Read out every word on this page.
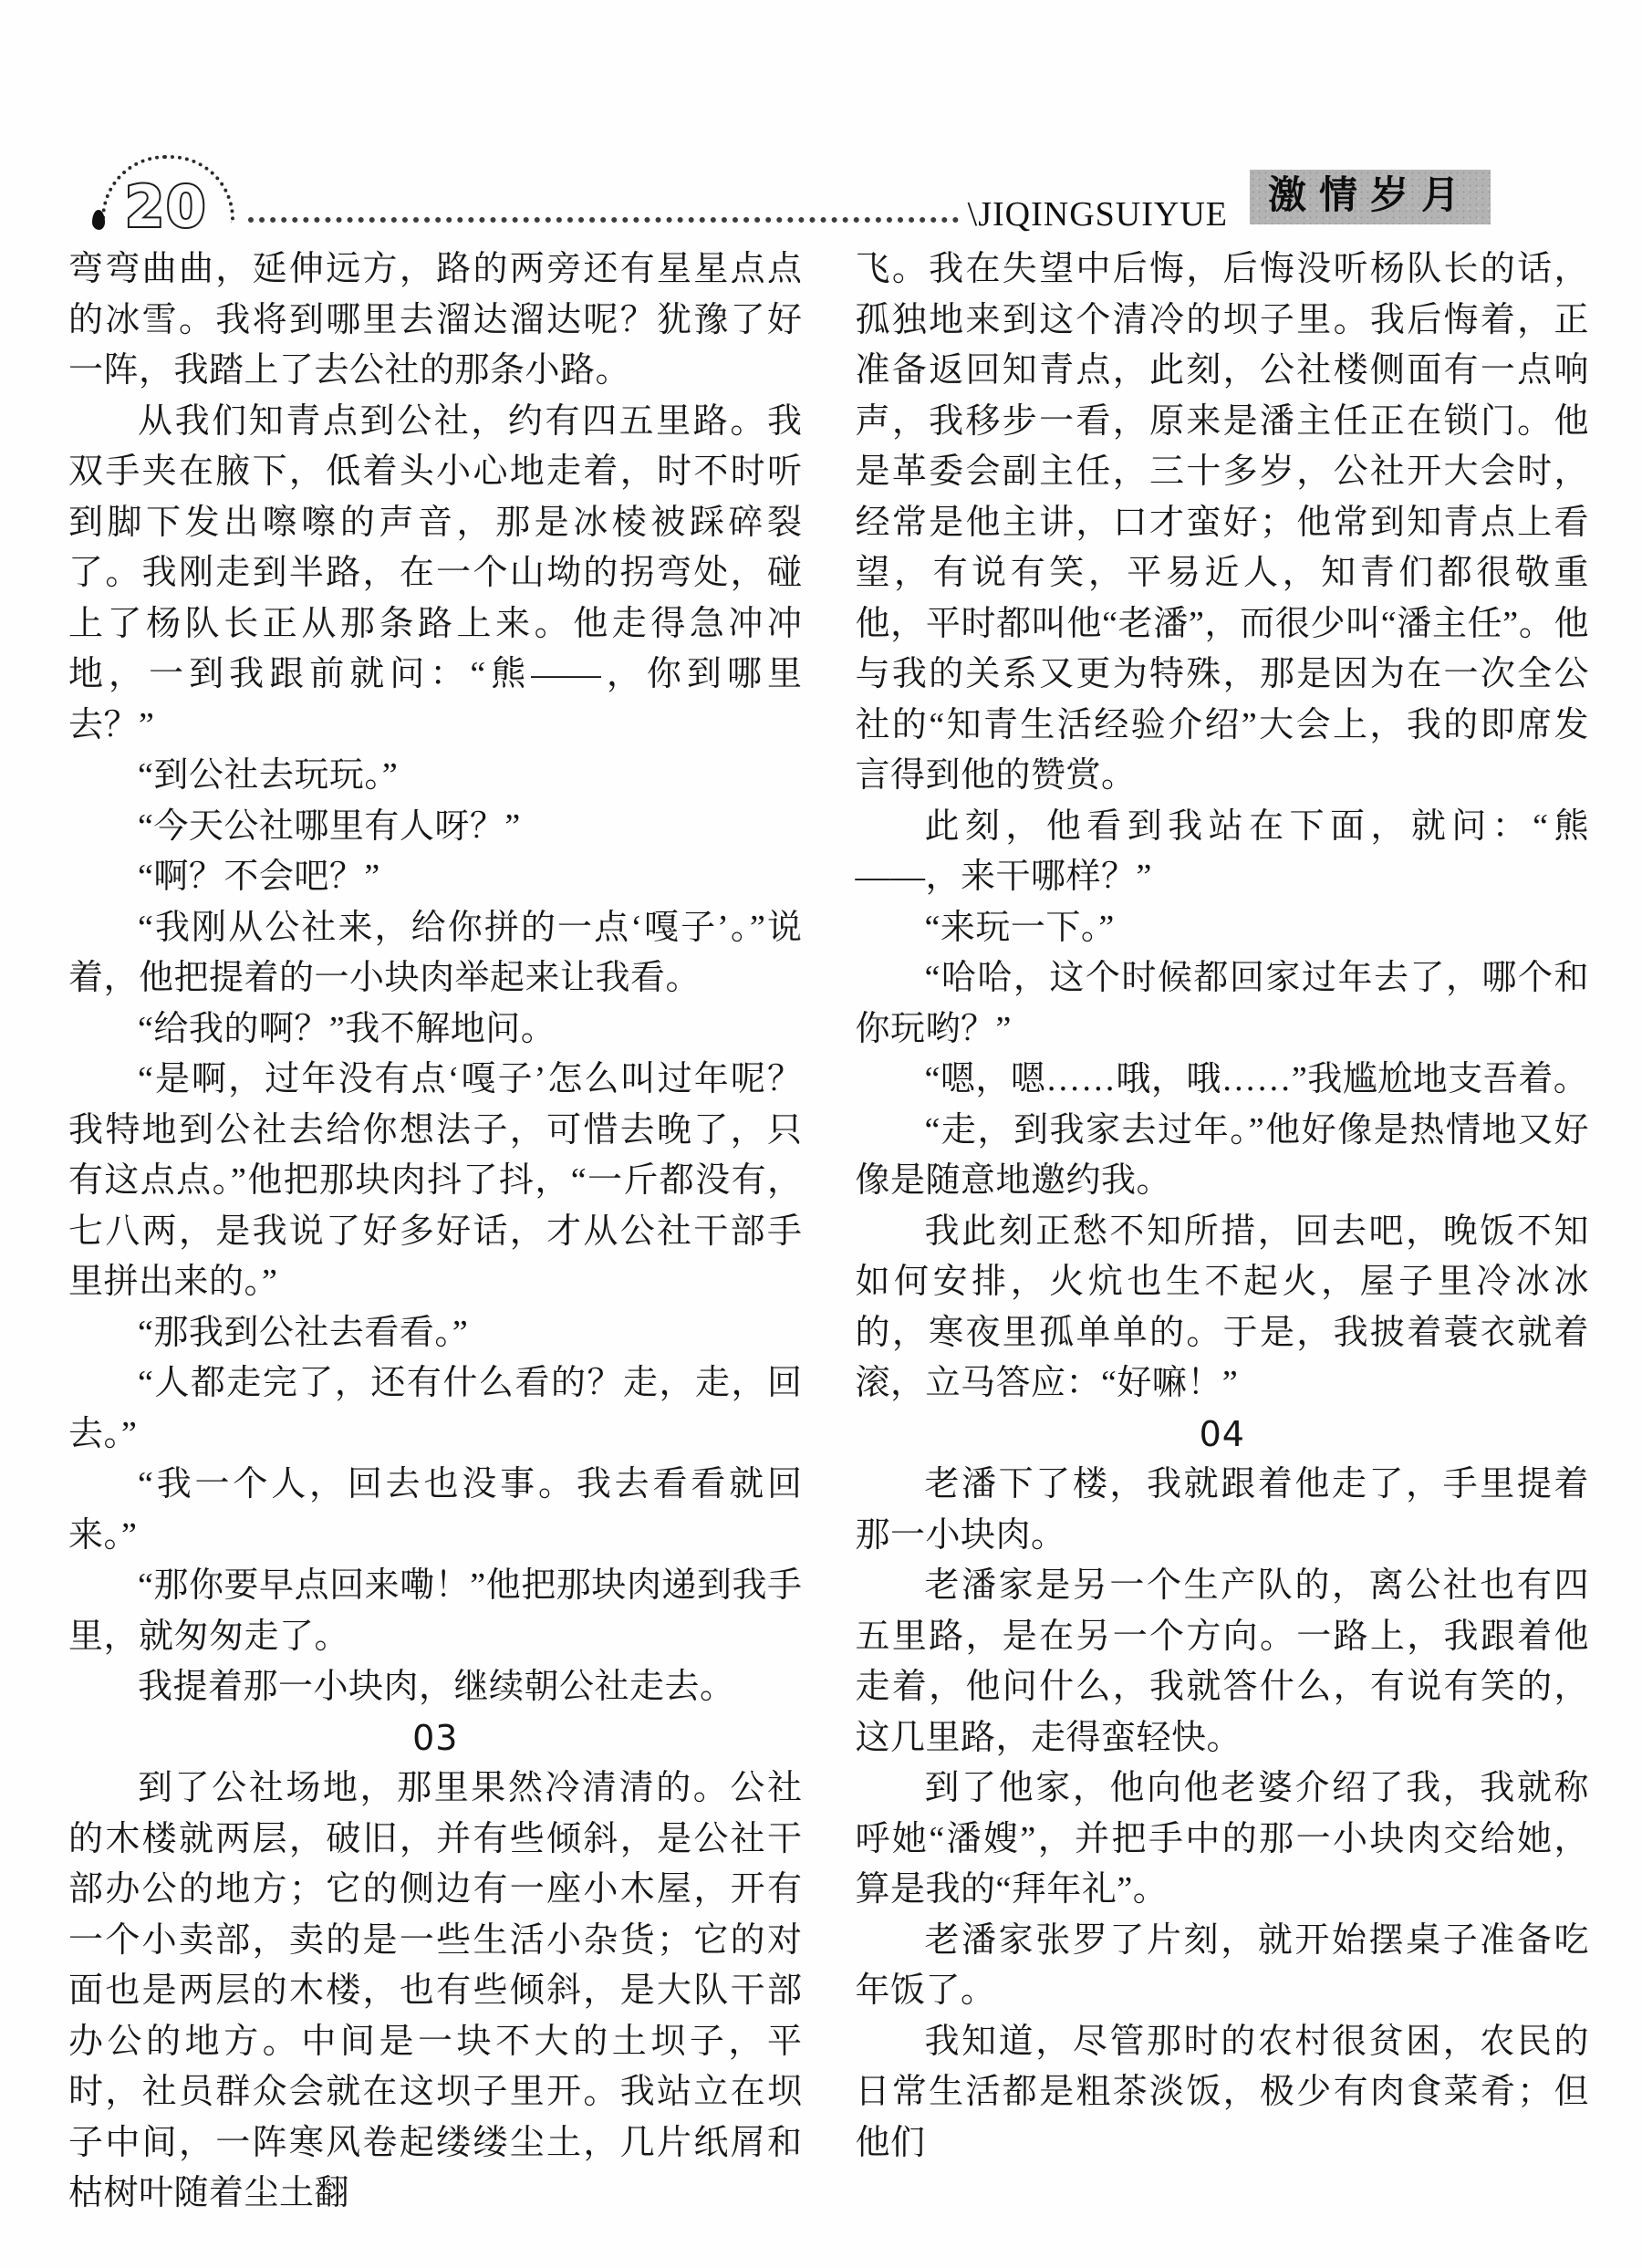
20	\JIQINGSUIYUE	激情岁月

弯弯曲曲，延伸远方，路的两旁还有星星点点的冰雪。我将到哪里去溜达溜达呢？犹豫了好一阵，我踏上了去公社的那条小路。

从我们知青点到公社，约有四五里路。我双手夹在腋下，低着头小心地走着，时不时听到脚下发出嚓嚓的声音，那是冰棱被踩碎裂了。我刚走到半路，在一个山坳的拐弯处，碰上了杨队长正从那条路上来。他走得急冲冲地，一到我跟前就问：“熊——，你到哪里去？”

“到公社去玩玩。”

“今天公社哪里有人呀？”

“啊？不会吧？”

“我刚从公社来，给你拼的一点‘嘎子’。”说着，他把提着的一小块肉举起来让我看。

“给我的啊？”我不解地问。

“是啊，过年没有点‘嘎子’怎么叫过年呢？我特地到公社去给你想法子，可惜去晚了，只有这点点。”他把那块肉抖了抖，“一斤都没有，七八两，是我说了好多好话，才从公社干部手里拼出来的。”

“那我到公社去看看。”

“人都走完了，还有什么看的？走，走，回去。”

“我一个人，回去也没事。我去看看就回来。”

“那你要早点回来嘞！”他把那块肉递到我手里，就匆匆走了。

我提着那一小块肉，继续朝公社走去。

03

到了公社场地，那里果然冷清清的。公社的木楼就两层，破旧，并有些倾斜，是公社干部办公的地方；它的侧边有一座小木屋，开有一个小卖部，卖的是一些生活小杂货；它的对面也是两层的木楼，也有些倾斜，是大队干部办公的地方。中间是一块不大的土坝子，平时，社员群众会就在这坝子里开。我站立在坝子中间，一阵寒风卷起缕缕尘土，几片纸屑和枯树叶随着尘土翻

飞。我在失望中后悔，后悔没听杨队长的话，孤独地来到这个清冷的坝子里。我后悔着，正准备返回知青点，此刻，公社楼侧面有一点响声，我移步一看，原来是潘主任正在锁门。他是革委会副主任，三十多岁，公社开大会时，经常是他主讲，口才蛮好；他常到知青点上看望，有说有笑，平易近人，知青们都很敬重他，平时都叫他“老潘”，而很少叫“潘主任”。他与我的关系又更为特殊，那是因为在一次全公社的“知青生活经验介绍”大会上，我的即席发言得到他的赞赏。

此刻，他看到我站在下面，就问：“熊——，来干哪样？”

“来玩一下。”

“哈哈，这个时候都回家过年去了，哪个和你玩哟？”

“嗯，嗯……哦，哦……”我尴尬地支吾着。

“走，到我家去过年。”他好像是热情地又好像是随意地邀约我。

我此刻正愁不知所措，回去吧，晚饭不知如何安排，火炕也生不起火，屋子里冷冰冰的，寒夜里孤单单的。于是，我披着蓑衣就着滚，立马答应：“好嘛！”

04

老潘下了楼，我就跟着他走了，手里提着那一小块肉。

老潘家是另一个生产队的，离公社也有四五里路，是在另一个方向。一路上，我跟着他走着，他问什么，我就答什么，有说有笑的，这几里路，走得蛮轻快。

到了他家，他向他老婆介绍了我，我就称呼她“潘嫂”，并把手中的那一小块肉交给她，算是我的“拜年礼”。

老潘家张罗了片刻，就开始摆桌子准备吃年饭了。

我知道，尽管那时的农村很贫困，农民的日常生活都是粗茶淡饭，极少有肉食菜肴；但他们
